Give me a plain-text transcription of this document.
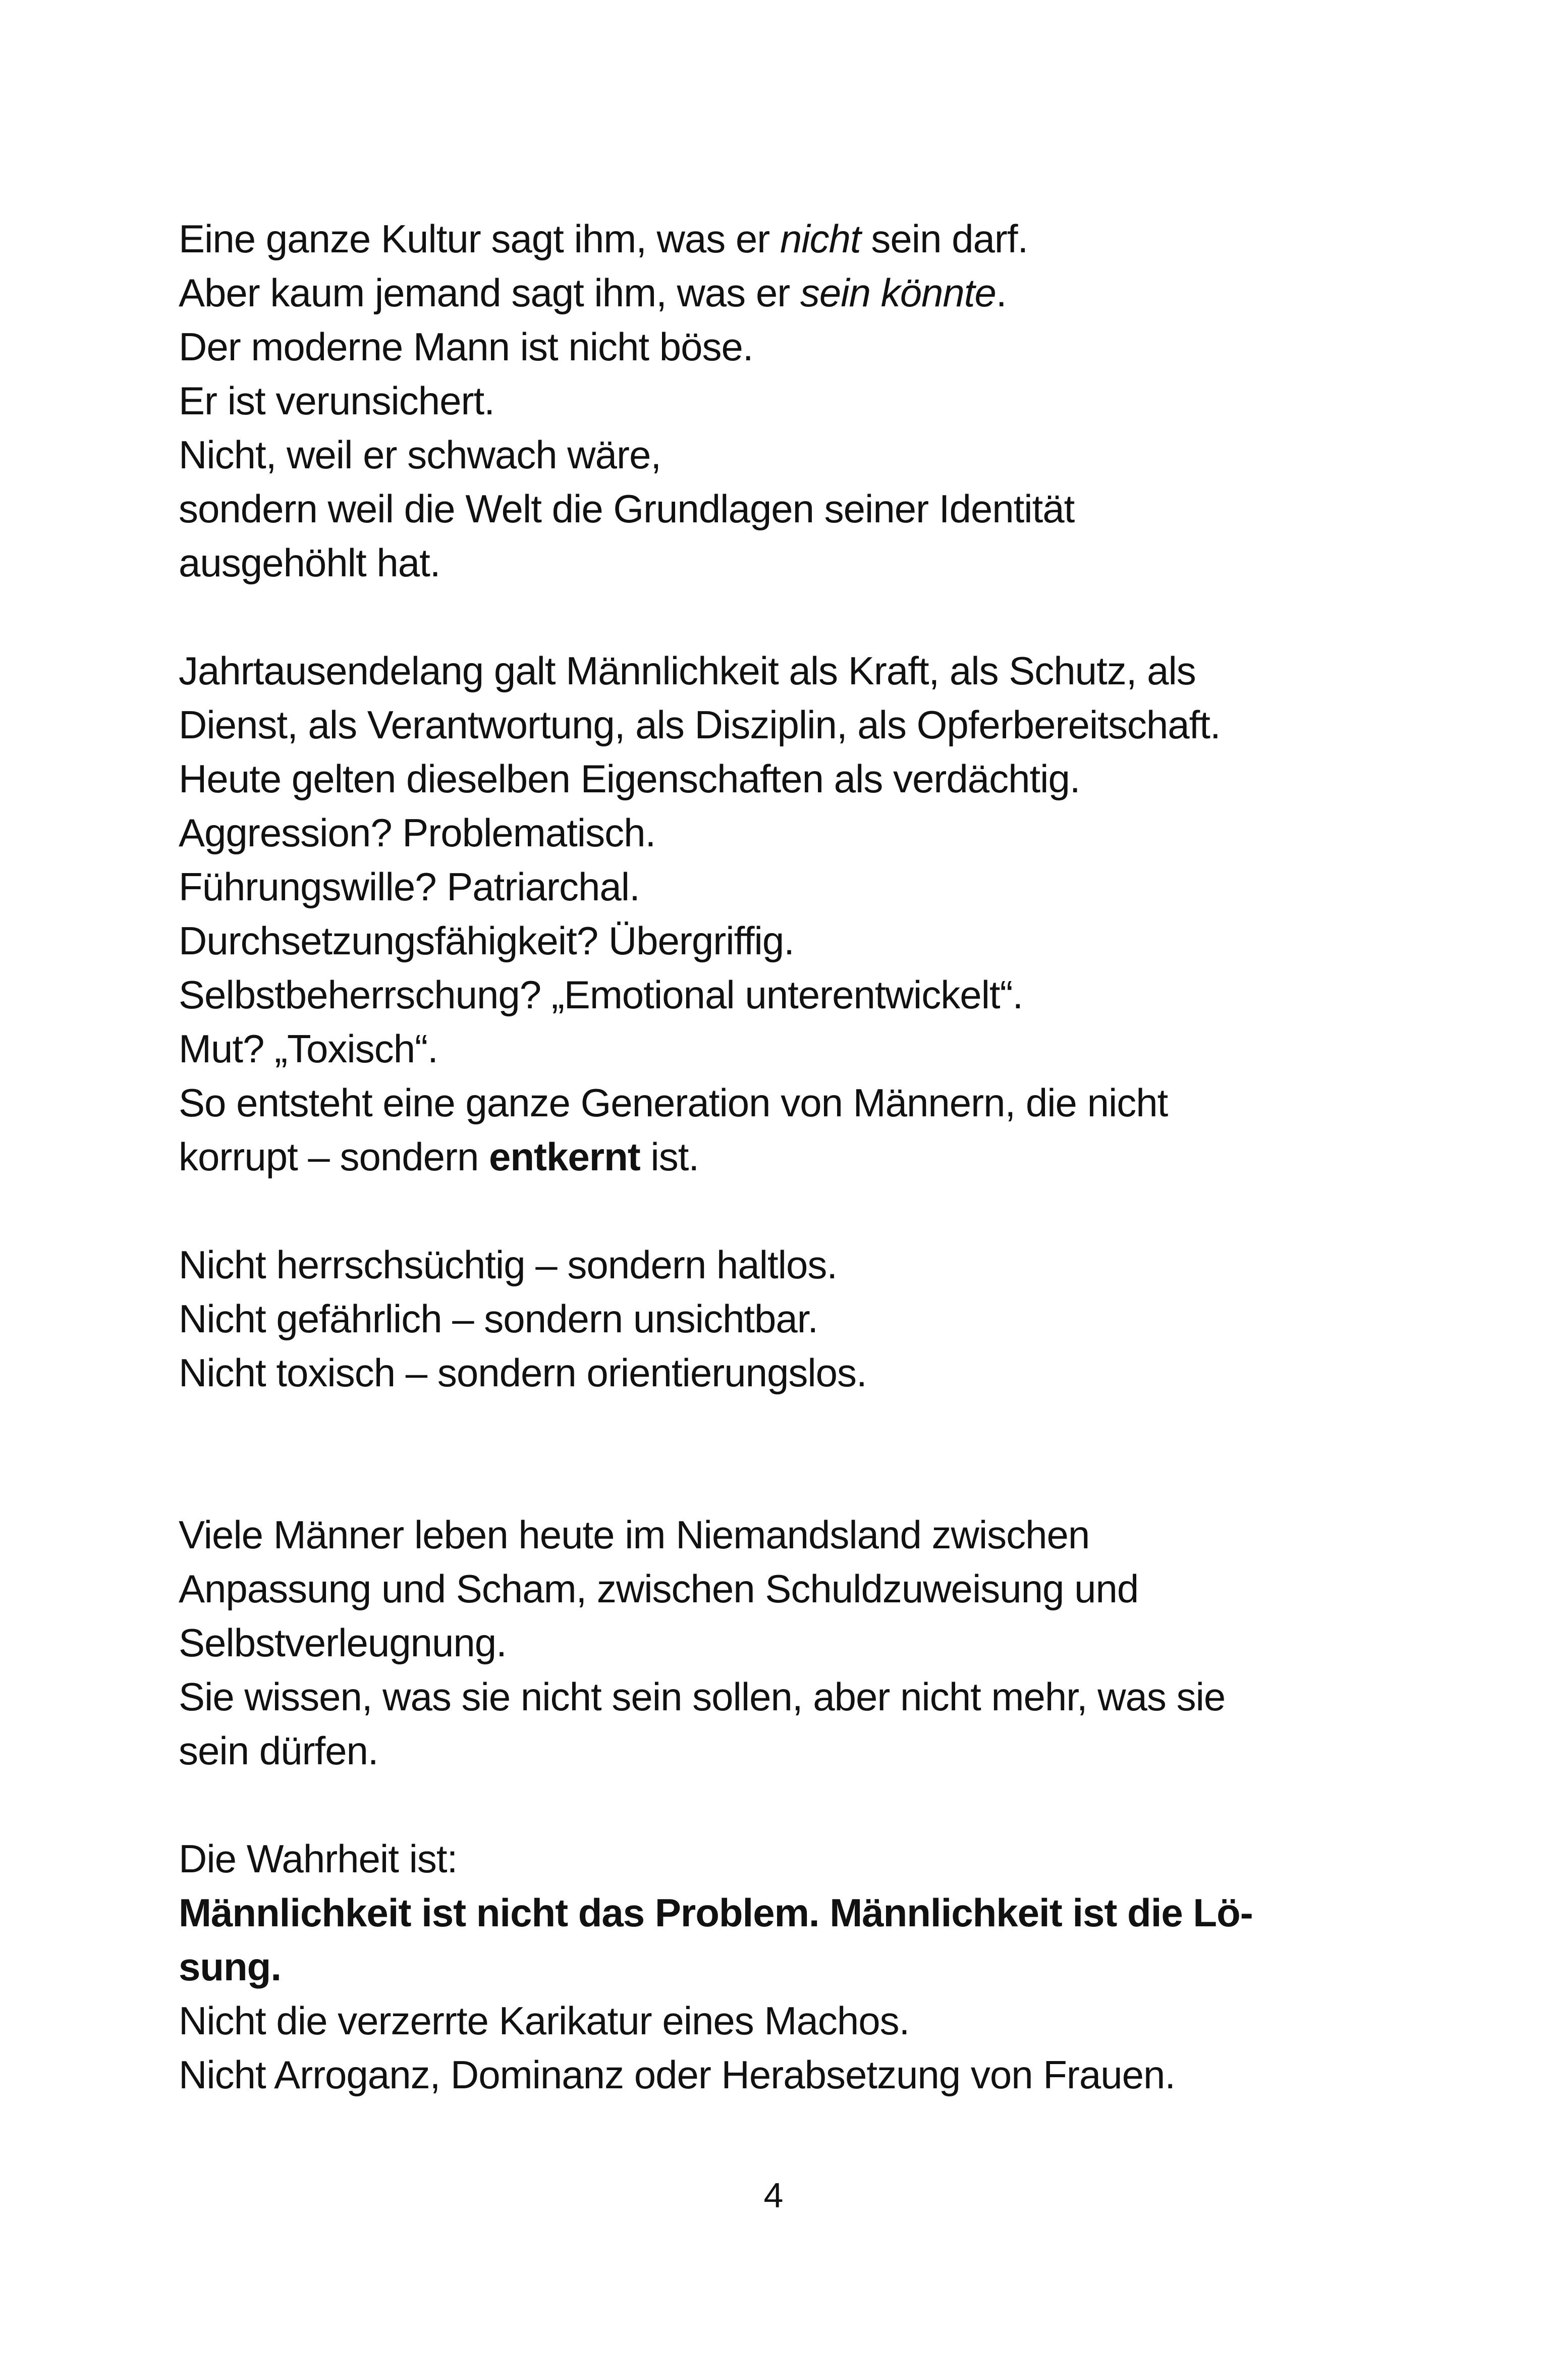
Eine ganze Kultur sagt ihm, was er nicht sein darf.
Aber kaum jemand sagt ihm, was er sein könnte.
Der moderne Mann ist nicht böse.
Er ist verunsichert.
Nicht, weil er schwach wäre,
sondern weil die Welt die Grundlagen seiner Identität
ausgehöhlt hat.
Jahrtausendelang galt Männlichkeit als Kraft, als Schutz, als
Dienst, als Verantwortung, als Disziplin, als Opferbereitschaft.
Heute gelten dieselben Eigenschaften als verdächtig.
Aggression? Problematisch.
Führungswille? Patriarchal.
Durchsetzungsfähigkeit? Übergriffig.
Selbstbeherrschung? „Emotional unterentwickelt“.
Mut? „Toxisch“.
So entsteht eine ganze Generation von Männern, die nicht
korrupt – sondern entkernt ist.
Nicht herrschsüchtig – sondern haltlos.
Nicht gefährlich – sondern unsichtbar.
Nicht toxisch – sondern orientierungslos.
Viele Männer leben heute im Niemandsland zwischen
Anpassung und Scham, zwischen Schuldzuweisung und
Selbstverleugnung.
Sie wissen, was sie nicht sein sollen, aber nicht mehr, was sie
sein dürfen.
Die Wahrheit ist:
Männlichkeit ist nicht das Problem. Männlichkeit ist die Lö-
sung.
Nicht die verzerrte Karikatur eines Machos.
Nicht Arroganz, Dominanz oder Herabsetzung von Frauen.
4
